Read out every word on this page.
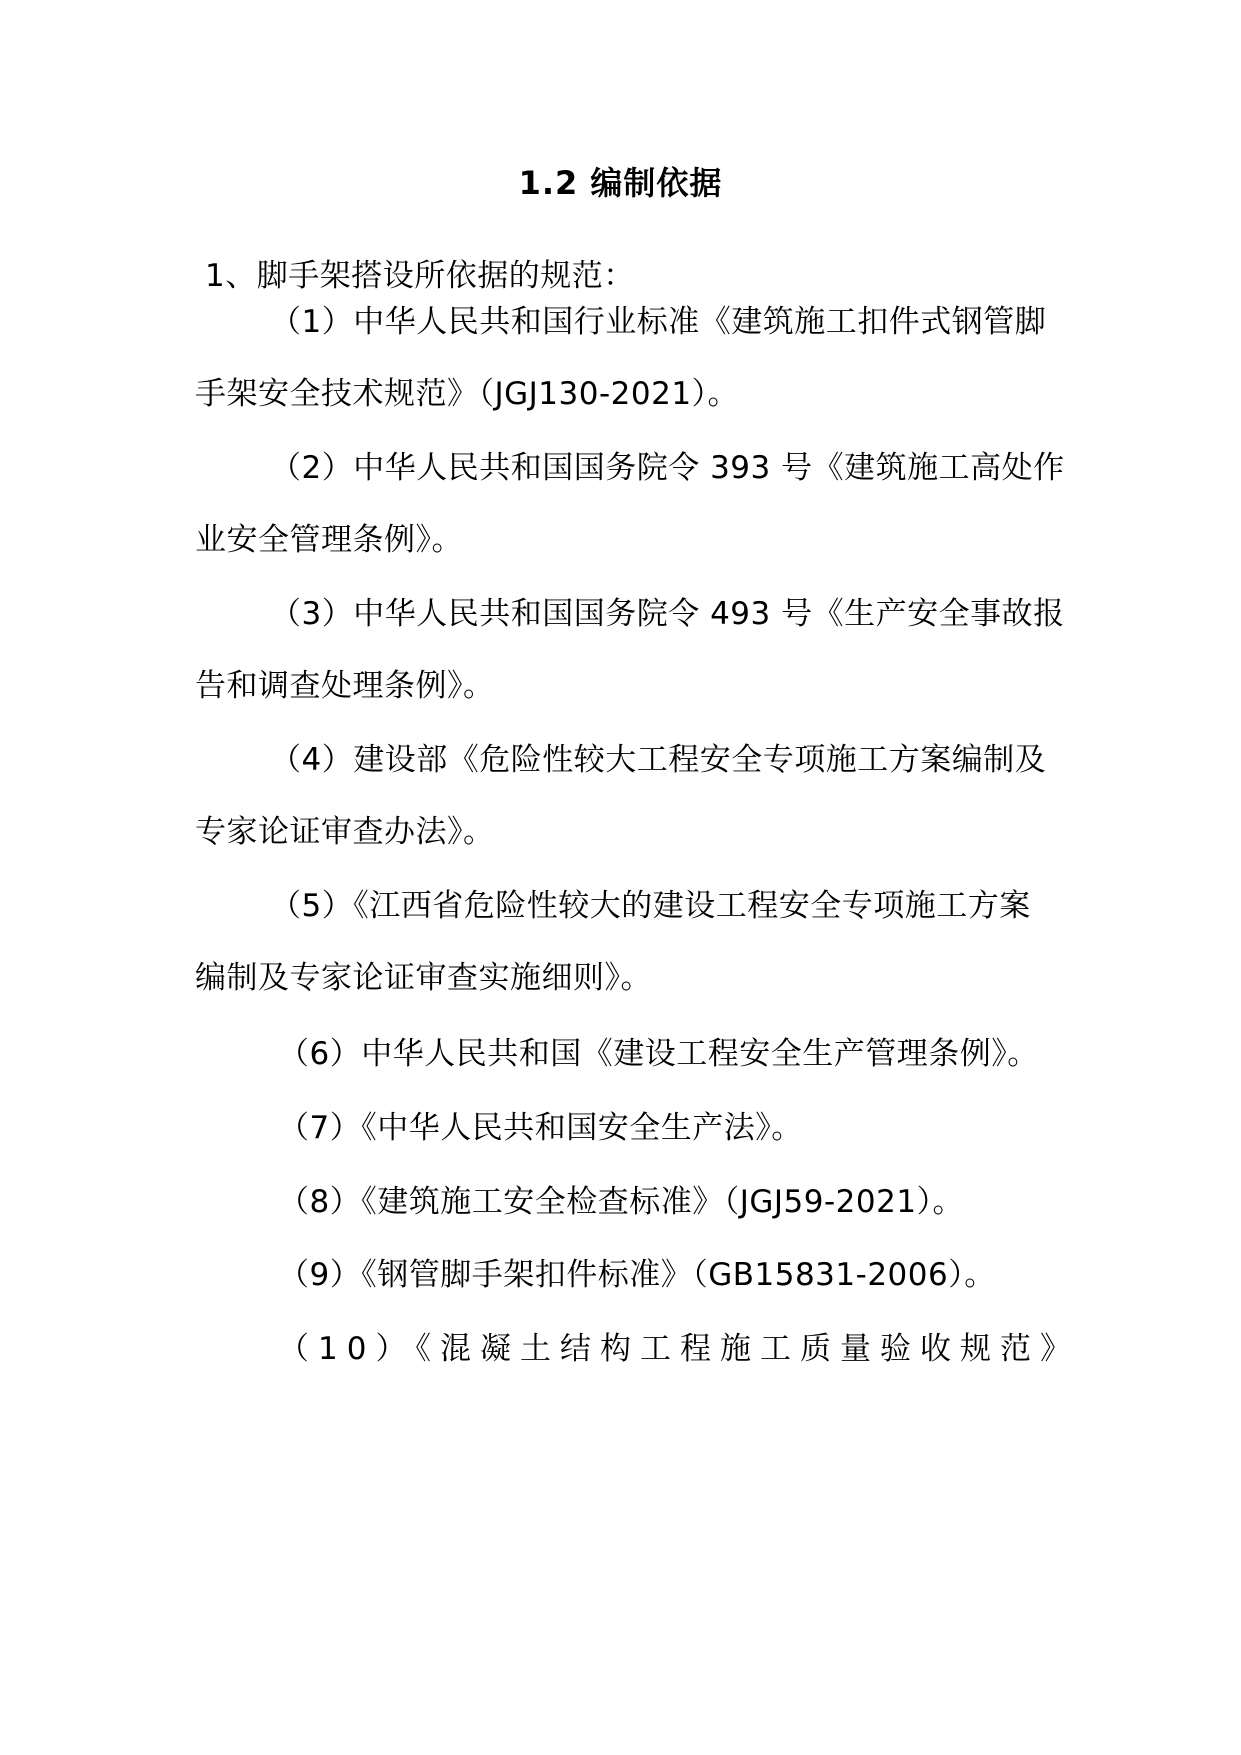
1.2 编制依据
1、脚手架搭设所依据的规范：
（1）中华人民共和国行业标准《建筑施工扣件式钢管脚
手架安全技术规范》（JGJ130-2021）。
（2）中华人民共和国国务院令 393 号《建筑施工高处作
业安全管理条例》。
（3）中华人民共和国国务院令 493 号《生产安全事故报
告和调查处理条例》。
（4）建设部《危险性较大工程安全专项施工方案编制及
专家论证审查办法》。
（5）《江西省危险性较大的建设工程安全专项施工方案
编制及专家论证审查实施细则》。
（6）中华人民共和国《建设工程安全生产管理条例》。
（7）《中华人民共和国安全生产法》。
（8）《建筑施工安全检查标准》（JGJ59-2021）。
（9）《钢管脚手架扣件标准》（GB15831-2006）。
（10）《混凝土结构工程施工质量验收规范》
